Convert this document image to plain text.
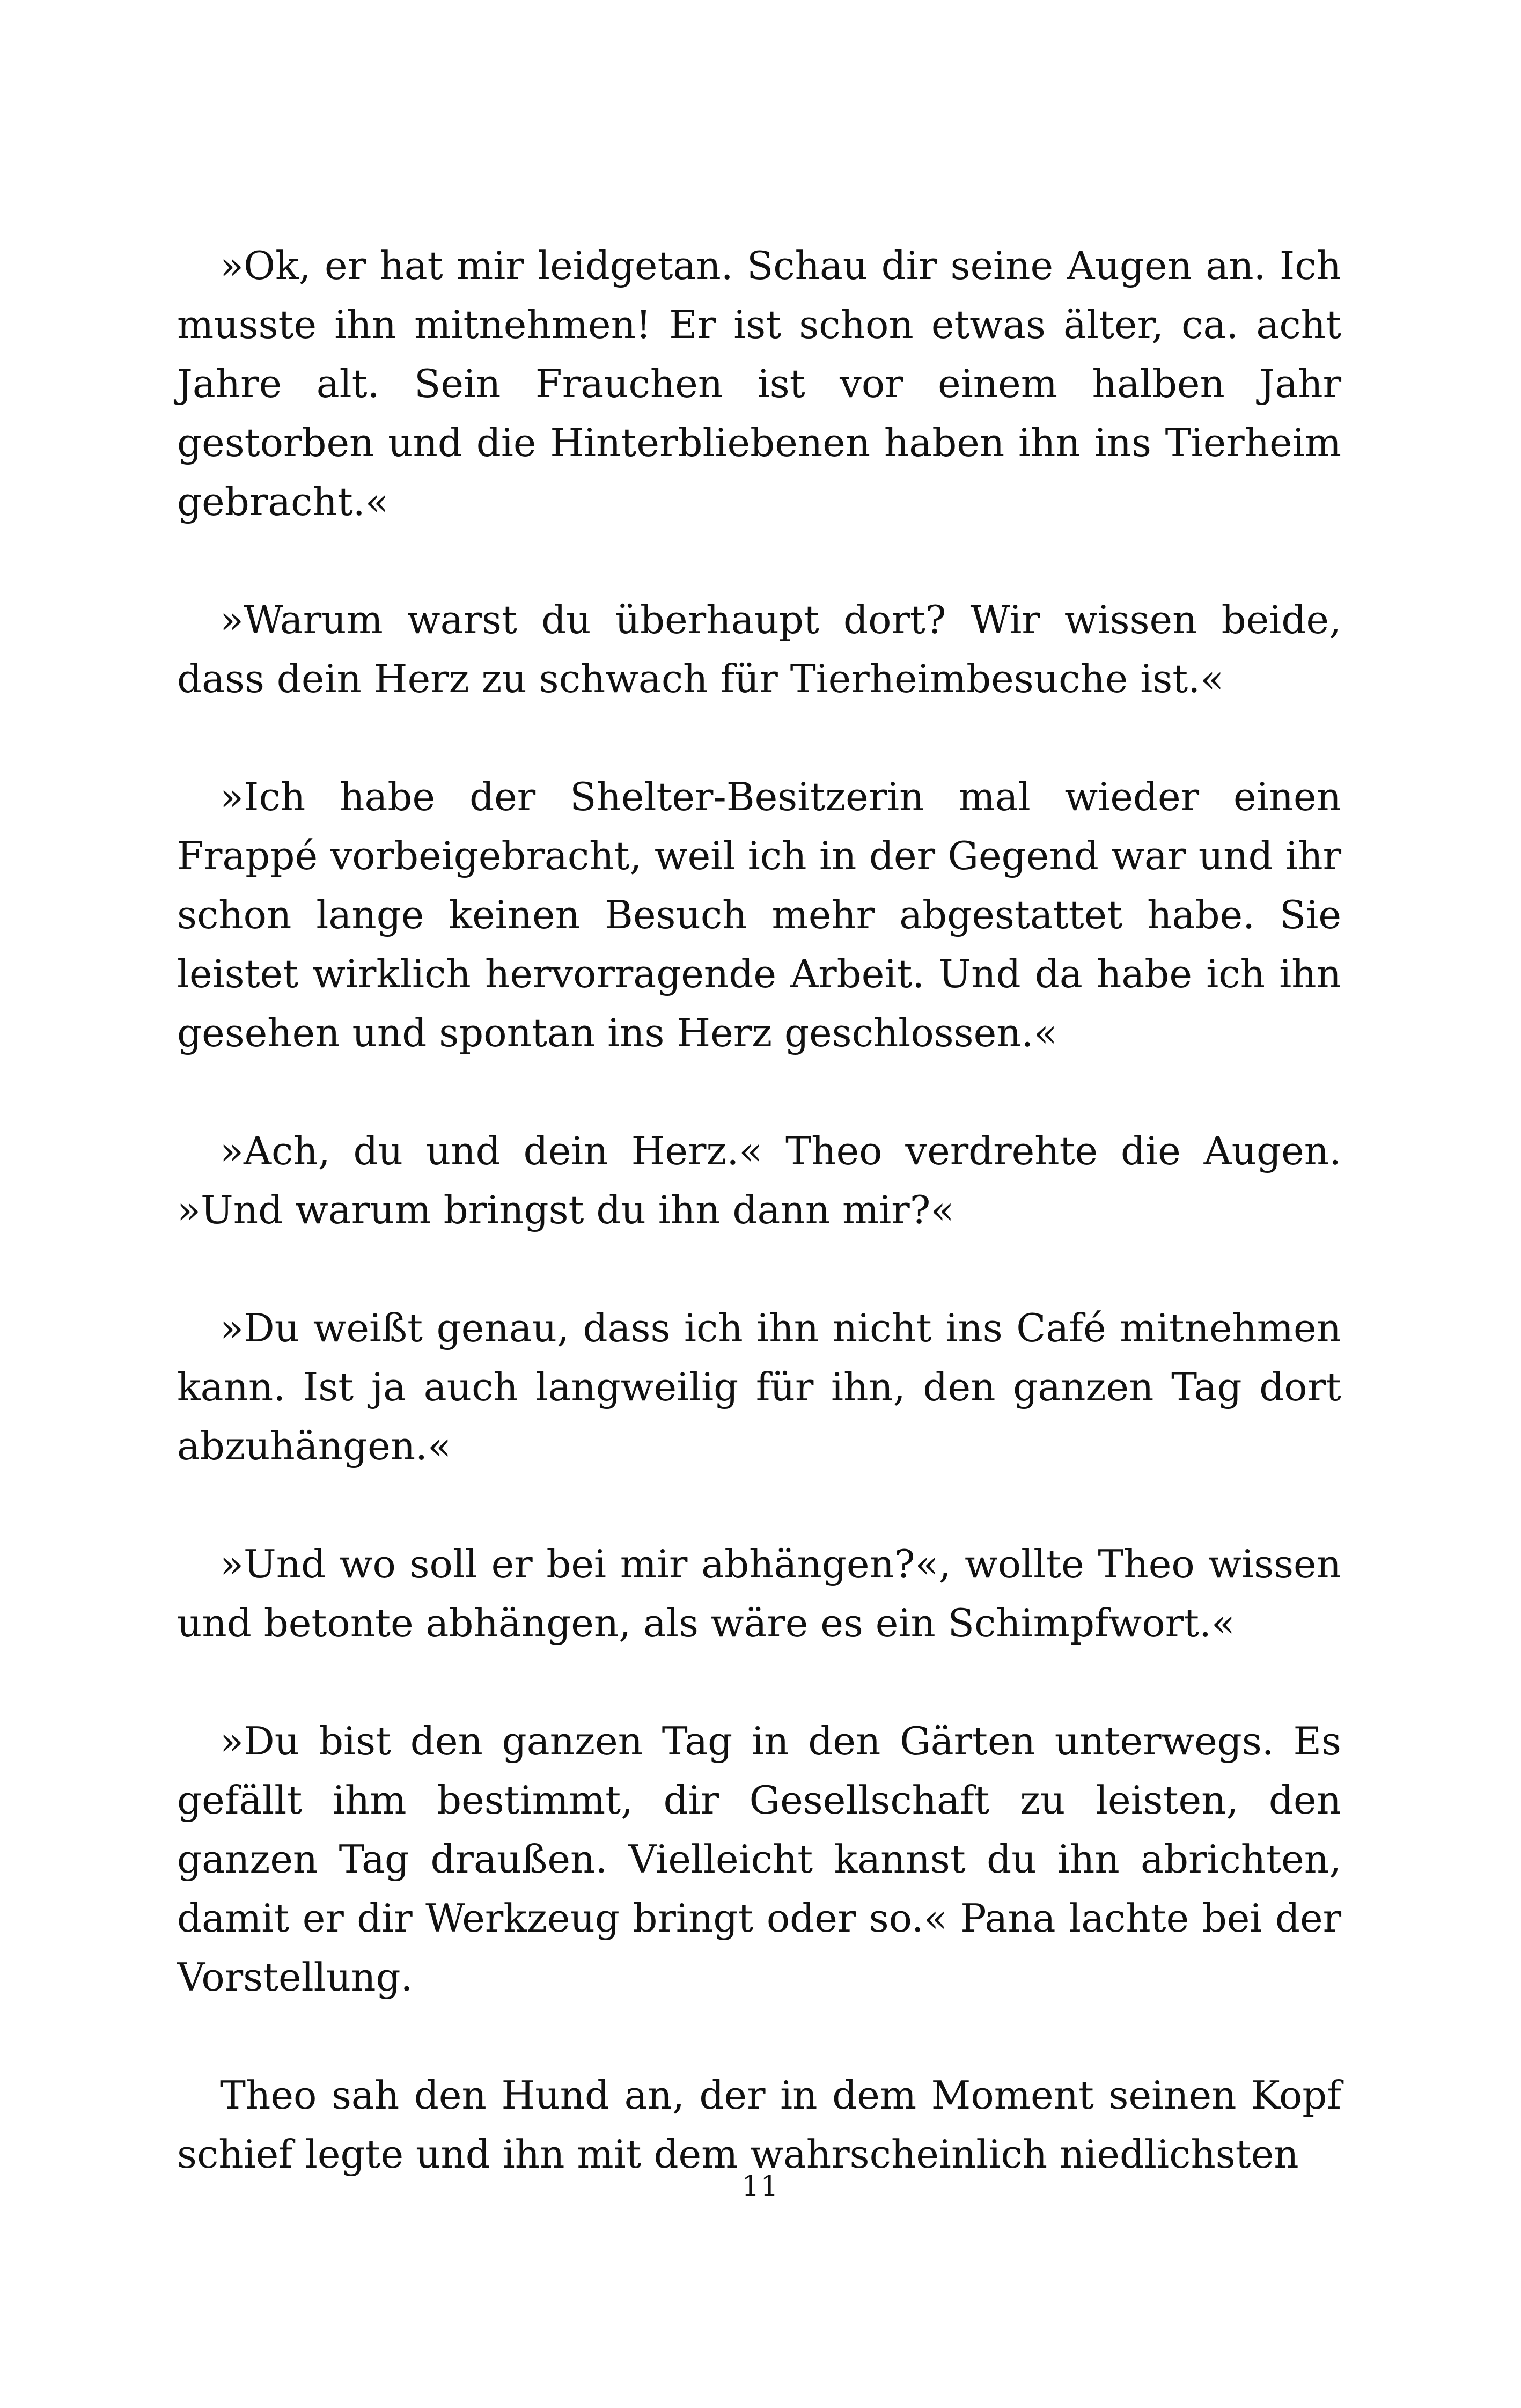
»Ok, er hat mir leidgetan. Schau dir seine Augen an. Ich musste ihn mitnehmen! Er ist schon etwas älter, ca. acht Jahre alt. Sein Frauchen ist vor einem halben Jahr gestorben und die Hinterbliebenen haben ihn ins Tierheim gebracht.«

»Warum warst du überhaupt dort? Wir wissen beide, dass dein Herz zu schwach für Tierheimbesuche ist.«

»Ich habe der Shelter-Besitzerin mal wieder einen Frappé vorbeigebracht, weil ich in der Gegend war und ihr schon lange keinen Besuch mehr abgestattet habe. Sie leistet wirklich hervorragende Arbeit. Und da habe ich ihn gesehen und spontan ins Herz geschlossen.«

»Ach, du und dein Herz.« Theo verdrehte die Augen. »Und warum bringst du ihn dann mir?«

»Du weißt genau, dass ich ihn nicht ins Café mitnehmen kann. Ist ja auch langweilig für ihn, den ganzen Tag dort abzuhängen.«

»Und wo soll er bei mir abhängen?«, wollte Theo wissen und betonte abhängen, als wäre es ein Schimpfwort.«

»Du bist den ganzen Tag in den Gärten unterwegs. Es gefällt ihm bestimmt, dir Gesellschaft zu leisten, den ganzen Tag draußen. Vielleicht kannst du ihn abrichten, damit er dir Werkzeug bringt oder so.« Pana lachte bei der Vorstellung.

Theo sah den Hund an, der in dem Moment seinen Kopf schief legte und ihn mit dem wahrscheinlich niedlichsten

11
